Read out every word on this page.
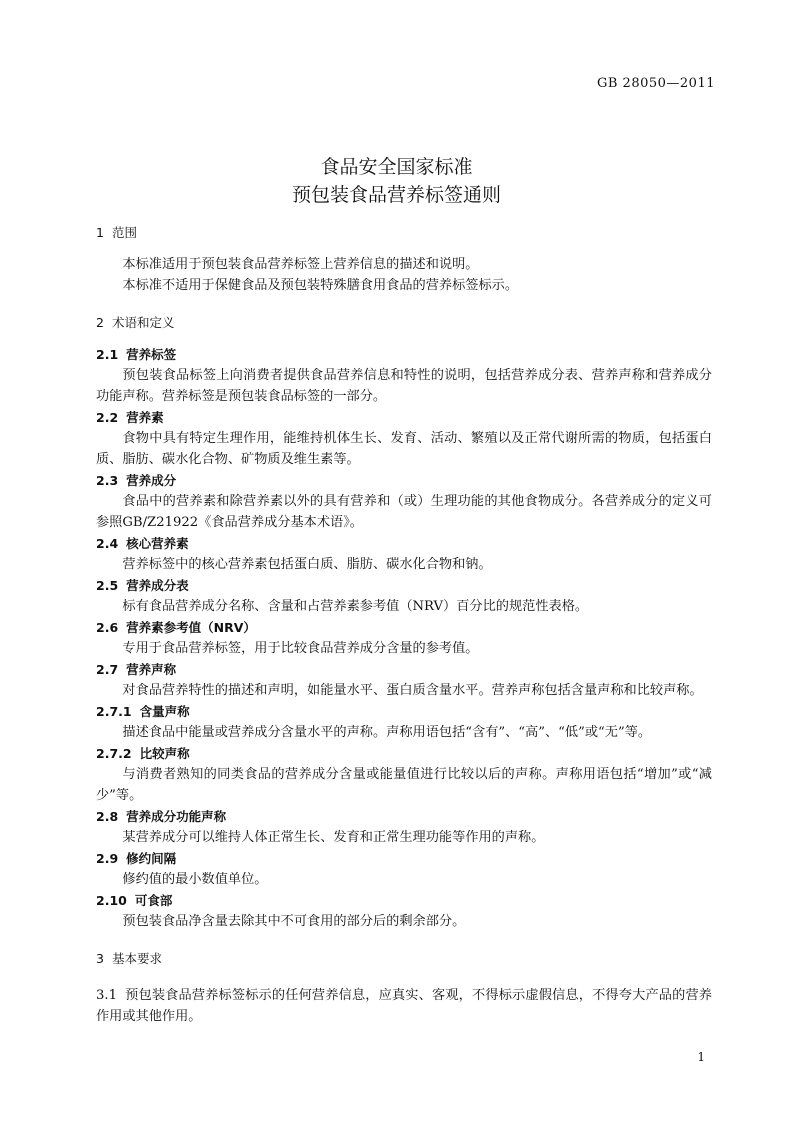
GB 28050—2011
食品安全国家标准
预包装食品营养标签通则
1 范围

本标准适用于预包装食品营养标签上营养信息的描述和说明。

本标准不适用于保健食品及预包装特殊膳食用食品的营养标签标示。

2 术语和定义
2.1 营养标签

预包装食品标签上向消费者提供食品营养信息和特性的说明，包括营养成分表、营养声称和营养成分功能声称。营养标签是预包装食品标签的一部分。

2.2 营养素

食物中具有特定生理作用，能维持机体生长、发育、活动、繁殖以及正常代谢所需的物质，包括蛋白质、脂肪、碳水化合物、矿物质及维生素等。

2.3 营养成分

食品中的营养素和除营养素以外的具有营养和（或）生理功能的其他食物成分。各营养成分的定义可参照GB/Z21922《食品营养成分基本术语》。

2.4 核心营养素

营养标签中的核心营养素包括蛋白质、脂肪、碳水化合物和钠。

2.5 营养成分表

标有食品营养成分名称、含量和占营养素参考值（NRV）百分比的规范性表格。

2.6 营养素参考值（NRV）

专用于食品营养标签，用于比较食品营养成分含量的参考值。

2.7 营养声称

对食品营养特性的描述和声明，如能量水平、蛋白质含量水平。营养声称包括含量声称和比较声称。

2.7.1 含量声称

描述食品中能量或营养成分含量水平的声称。声称用语包括“含有”、“高”、“低”或“无”等。

2.7.2 比较声称

与消费者熟知的同类食品的营养成分含量或能量值进行比较以后的声称。声称用语包括“增加”或“减少”等。

2.8 营养成分功能声称

某营养成分可以维持人体正常生长、发育和正常生理功能等作用的声称。

2.9 修约间隔

修约值的最小数值单位。

2.10 可食部

预包装食品净含量去除其中不可食用的部分后的剩余部分。

3 基本要求

3.1 预包装食品营养标签标示的任何营养信息，应真实、客观，不得标示虚假信息，不得夸大产品的营养作用或其他作用。

1
